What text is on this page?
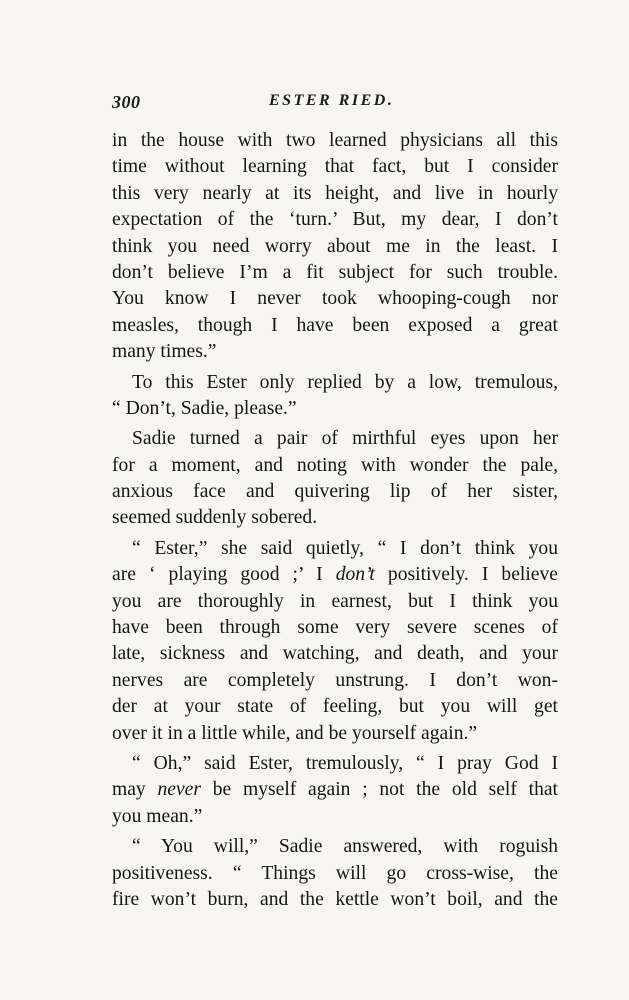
300	ESTER RIED.
in the house with two learned physicians all this
time without learning that fact, but I consider
this very nearly at its height, and live in hourly
expectation of the ‘turn.’ But, my dear, I don’t
think you need worry about me in the least. I
don’t believe I’m a fit subject for such trouble.
You know I never took whooping-cough nor
measles, though I have been exposed a great
many times.”
To this Ester only replied by a low, tremulous,
“ Don’t, Sadie, please.”
Sadie turned a pair of mirthful eyes upon her
for a moment, and noting with wonder the pale,
anxious face and quivering lip of her sister,
seemed suddenly sobered.
“ Ester,” she said quietly, “ I don’t think you
are ‘ playing good ;’ I don’t positively. I believe
you are thoroughly in earnest, but I think you
have been through some very severe scenes of
late, sickness and watching, and death, and your
nerves are completely unstrung. I don’t won-
der at your state of feeling, but you will get
over it in a little while, and be yourself again.”
“ Oh,” said Ester, tremulously, “ I pray God I
may never be myself again ; not the old self that
you mean.”
“ You will,” Sadie answered, with roguish
positiveness. “ Things will go cross-wise, the
fire won’t burn, and the kettle won’t boil, and the
